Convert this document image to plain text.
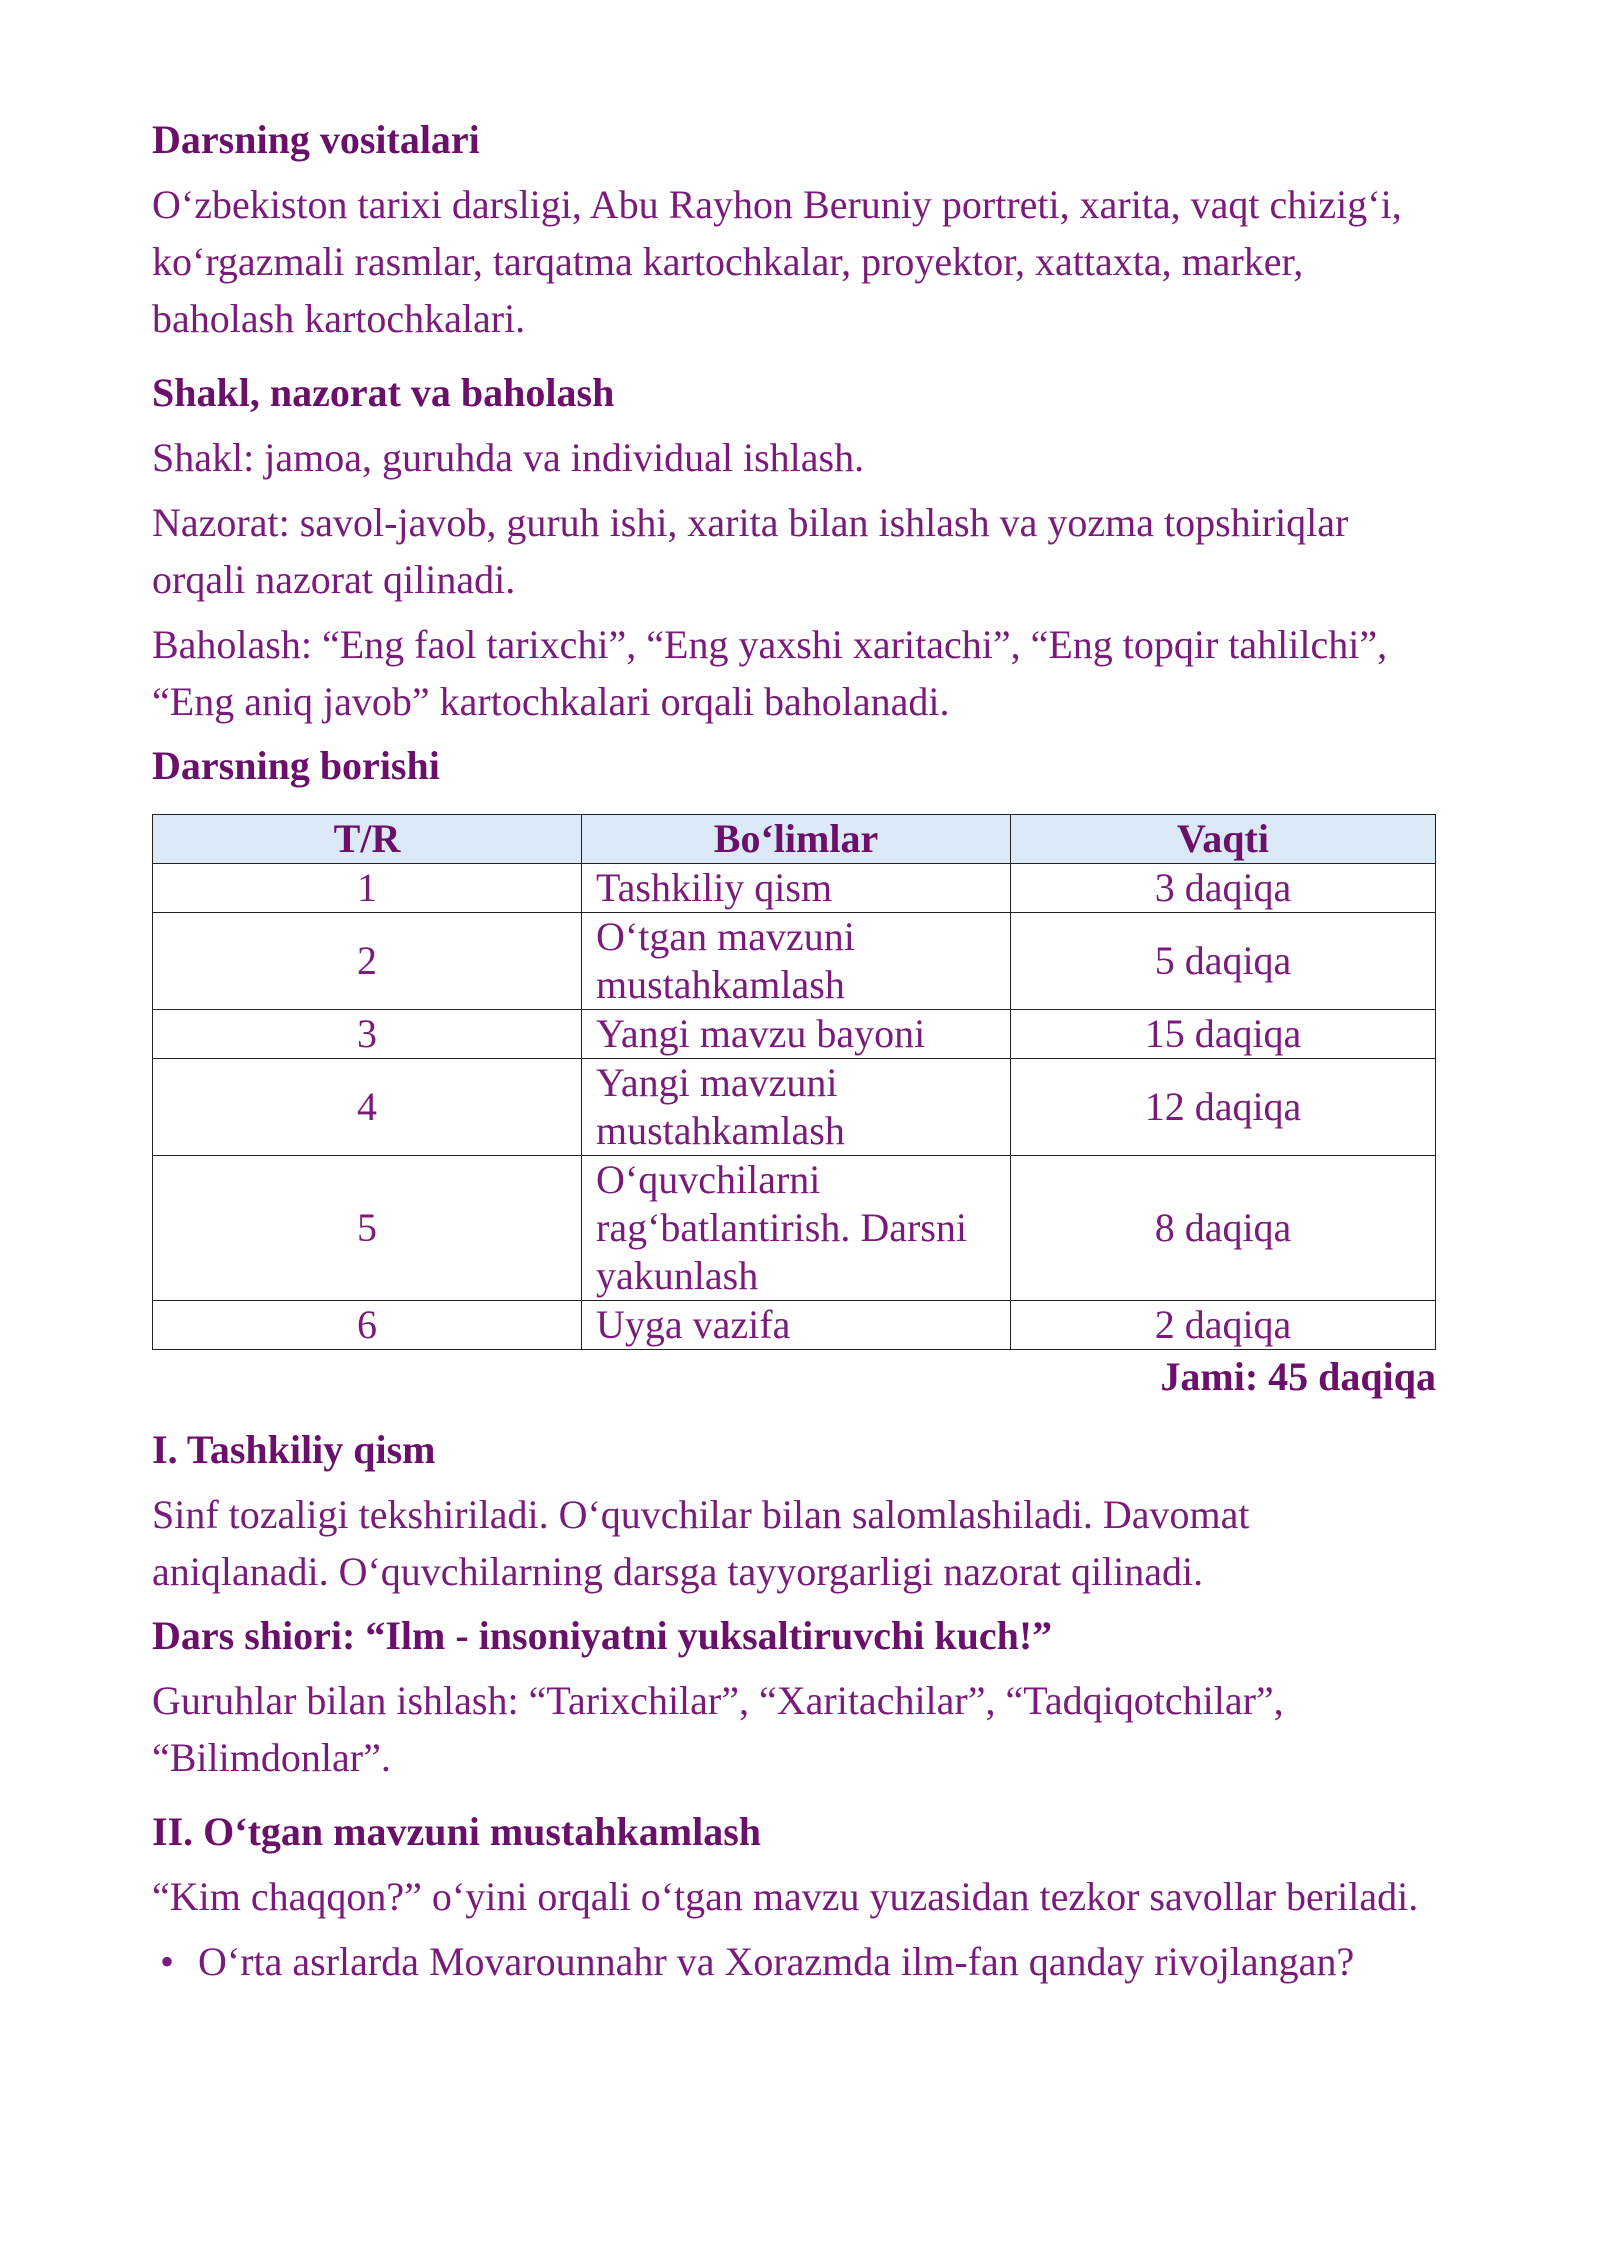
Darsning vositalari

O‘zbekiston tarixi darsligi, Abu Rayhon Beruniy portreti, xarita, vaqt chizig‘i, ko‘rgazmali rasmlar, tarqatma kartochkalar, proyektor, xattaxta, marker, baholash kartochkalari.

Shakl, nazorat va baholash

Shakl: jamoa, guruhda va individual ishlash.

Nazorat: savol-javob, guruh ishi, xarita bilan ishlash va yozma topshiriqlar orqali nazorat qilinadi.

Baholash: “Eng faol tarixchi”, “Eng yaxshi xaritachi”, “Eng topqir tahlilchi”, “Eng aniq javob” kartochkalari orqali baholanadi.

Darsning borishi
T/R	Bo‘limlar	Vaqti
1	Tashkiliy qism	3 daqiqa
2	O‘tgan mavzuni mustahkamlash	5 daqiqa
3	Yangi mavzu bayoni	15 daqiqa
4	Yangi mavzuni mustahkamlash	12 daqiqa
5	O‘quvchilarni rag‘batlantirish. Darsni yakunlash	8 daqiqa
6	Uyga vazifa	2 daqiqa
Jami: 45 daqiqa
I. Tashkiliy qism

Sinf tozaligi tekshiriladi. O‘quvchilar bilan salomlashiladi. Davomat aniqlanadi. O‘quvchilarning darsga tayyorgarligi nazorat qilinadi.

Dars shiori: “Ilm - insoniyatni yuksaltiruvchi kuch!”

Guruhlar bilan ishlash: “Tarixchilar”, “Xaritachilar”, “Tadqiqotchilar”, “Bilimdonlar”.

II. O‘tgan mavzuni mustahkamlash

“Kim chaqqon?” o‘yini orqali o‘tgan mavzu yuzasidan tezkor savollar beriladi.

• O‘rta asrlarda Movarounnahr va Xorazmda ilm-fan qanday rivojlangan?
